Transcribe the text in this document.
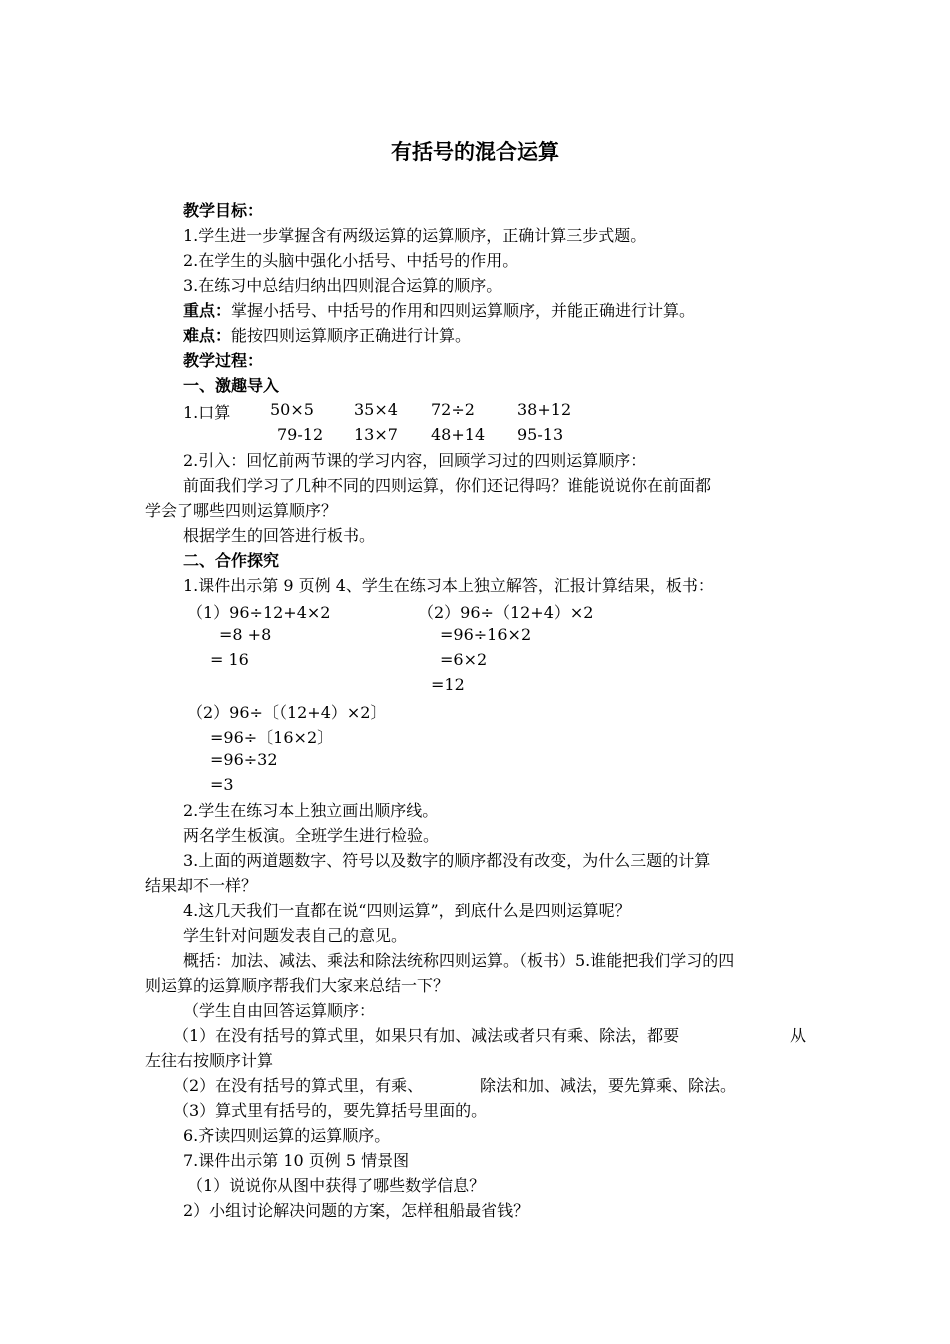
有括号的混合运算
教学目标：
1.学生进一步掌握含有两级运算的运算顺序，正确计算三步式题。
2.在学生的头脑中强化小括号、中括号的作用。
3.在练习中总结归纳出四则混合运算的顺序。
重点：掌握小括号、中括号的作用和四则运算顺序，并能正确进行计算。
难点：能按四则运算顺序正确进行计算。
教学过程：
一、激趣导入
1.口算 50×5	35×4 72÷2	38+12
79-12 13×7 48+14 95-13
2.引入：回忆前两节课的学习内容，回顾学习过的四则运算顺序：
前面我们学习了几种不同的四则运算，你们还记得吗？谁能说说你在前面都
学会了哪些四则运算顺序？
根据学生的回答进行板书。
二、合作探究
1.课件出示第 9 页例 4、学生在练习本上独立解答，汇报计算结果，板书：
（1）96÷12+4×2
=8 +8
= 16
（2）96÷（12+4）×2
=96÷16×2
=6×2
=12
（2）96÷〔（12+4）×2〕
=96÷〔16×2〕
=96÷32
=3
2.学生在练习本上独立画出顺序线。
两名学生板演。全班学生进行检验。
3.上面的两道题数字、符号以及数字的顺序都没有改变，为什么三题的计算
结果却不一样？
4.这几天我们一直都在说“四则运算”，到底什么是四则运算呢？
学生针对问题发表自己的意见。
概括：加法、减法、乘法和除法统称四则运算。（板书）5.谁能把我们学习的四
则运算的运算顺序帮我们大家来总结一下？
（学生自由回答运算顺序：
（1）在没有括号的算式里，如果只有加、减法或者只有乘、除法，都要	从
左往右按顺序计算
（2）在没有括号的算式里，有乘、	除法和加、减法，要先算乘、除法。
（3）算式里有括号的，要先算括号里面的。
6.齐读四则运算的运算顺序。
7.课件出示第 10 页例 5 情景图
（1）说说你从图中获得了哪些数学信息？
2）小组讨论解决问题的方案，怎样租船最省钱？
